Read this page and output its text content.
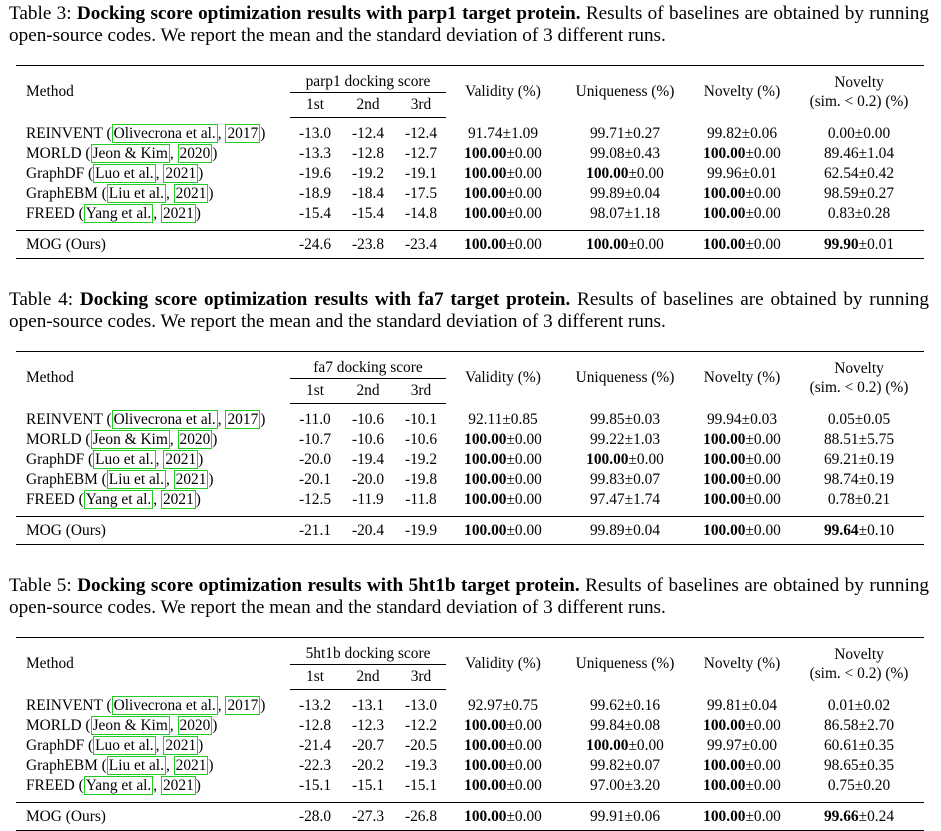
Table 3: Docking score optimization results with parp1 target protein. Results of baselines are obtained by running open-source codes. We report the mean and the standard deviation of 3 different runs.
Method	parp1 docking score			Validity (%)	Uniqueness (%)	Novelty (%)	Novelty
(sim. < 0.2) (%)
	1st	2nd	3rd				

REINVENT ( Olivecrona et al. , 2017 )	-13.0	-12.4	-12.4	91.74±1.09	99.71±0.27	99.82±0.06	0.00±0.00
MORLD ( Jeon & Kim , 2020 )	-13.3	-12.8	-12.7	100.00±0.00	99.08±0.43	100.00±0.00	89.46±1.04
GraphDF ( Luo et al. , 2021 )	-19.6	-19.2	-19.1	100.00±0.00	100.00±0.00	99.96±0.01	62.54±0.42
GraphEBM ( Liu et al. , 2021 )	-18.9	-18.4	-17.5	100.00±0.00	99.89±0.04	100.00±0.00	98.59±0.27
FREED ( Yang et al. , 2021 )	-15.4	-15.4	-14.8	100.00±0.00	98.07±1.18	100.00±0.00	0.83±0.28

MOG (Ours)	-24.6	-23.8	-23.4	100.00±0.00	100.00±0.00	100.00±0.00	99.90±0.01
Table 4: Docking score optimization results with fa7 target protein. Results of baselines are obtained by running open-source codes. We report the mean and the standard deviation of 3 different runs.
Method	fa7 docking score			Validity (%)	Uniqueness (%)	Novelty (%)	Novelty
(sim. < 0.2) (%)
	1st	2nd	3rd				

REINVENT ( Olivecrona et al. , 2017 )	-11.0	-10.6	-10.1	92.11±0.85	99.85±0.03	99.94±0.03	0.05±0.05
MORLD ( Jeon & Kim , 2020 )	-10.7	-10.6	-10.6	100.00±0.00	99.22±1.03	100.00±0.00	88.51±5.75
GraphDF ( Luo et al. , 2021 )	-20.0	-19.4	-19.2	100.00±0.00	100.00±0.00	100.00±0.00	69.21±0.19
GraphEBM ( Liu et al. , 2021 )	-20.1	-20.0	-19.8	100.00±0.00	99.83±0.07	100.00±0.00	98.74±0.19
FREED ( Yang et al. , 2021 )	-12.5	-11.9	-11.8	100.00±0.00	97.47±1.74	100.00±0.00	0.78±0.21

MOG (Ours)	-21.1	-20.4	-19.9	100.00±0.00	99.89±0.04	100.00±0.00	99.64±0.10
Table 5: Docking score optimization results with 5ht1b target protein. Results of baselines are obtained by running open-source codes. We report the mean and the standard deviation of 3 different runs.
Method	5ht1b docking score			Validity (%)	Uniqueness (%)	Novelty (%)	Novelty
(sim. < 0.2) (%)
	1st	2nd	3rd				

REINVENT ( Olivecrona et al. , 2017 )	-13.2	-13.1	-13.0	92.97±0.75	99.62±0.16	99.81±0.04	0.01±0.02
MORLD ( Jeon & Kim , 2020 )	-12.8	-12.3	-12.2	100.00±0.00	99.84±0.08	100.00±0.00	86.58±2.70
GraphDF ( Luo et al. , 2021 )	-21.4	-20.7	-20.5	100.00±0.00	100.00±0.00	99.97±0.00	60.61±0.35
GraphEBM ( Liu et al. , 2021 )	-22.3	-20.2	-19.3	100.00±0.00	99.82±0.07	100.00±0.00	98.65±0.35
FREED ( Yang et al. , 2021 )	-15.1	-15.1	-15.1	100.00±0.00	97.00±3.20	100.00±0.00	0.75±0.20

MOG (Ours)	-28.0	-27.3	-26.8	100.00±0.00	99.91±0.06	100.00±0.00	99.66±0.24
